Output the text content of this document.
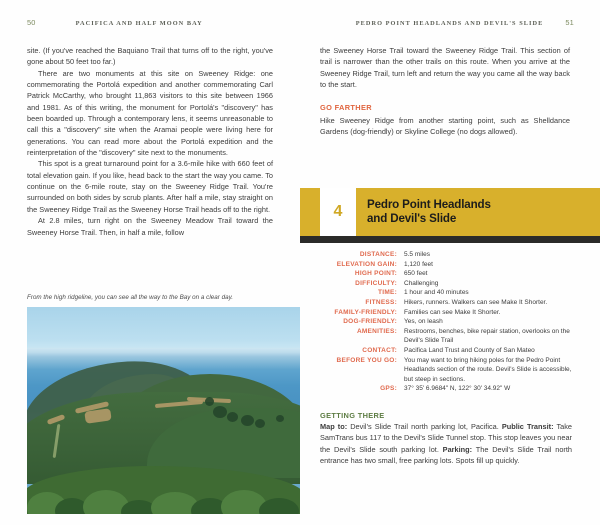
50	PACIFICA AND HALF MOON BAY

site. (If you've reached the Baquiano Trail that turns off to the right, you've gone about 50 feet too far.)

There are two monuments at this site on Sweeney Ridge: one commemorating the Portolá expedition and another commemorating Carl Patrick McCarthy, who brought 11,863 visitors to this site between 1966 and 1981. As of this writing, the monument for Portolá's "discovery" has been boarded up. Through a contemporary lens, it seems unreasonable to call this a "discovery" site when the Aramai people were living here for generations. You can read more about the Portolá expedition and the reinterpretation of the "discovery" site next to the monuments.

This spot is a great turnaround point for a 3.6-mile hike with 660 feet of total elevation gain. If you like, head back to the start the way you came. To continue on the 6-mile route, stay on the Sweeney Ridge Trail. You're surrounded on both sides by scrub plants. After half a mile, stay straight on the Sweeney Ridge Trail as the Sweeney Horse Trail heads off to the right.

At 2.8 miles, turn right on the Sweeney Meadow Trail toward the Sweeney Horse Trail. Then, in half a mile, follow

From the high ridgeline, you can see all the way to the Bay on a clear day.
PEDRO POINT HEADLANDS AND DEVIL'S SLIDE	51

the Sweeney Horse Trail toward the Sweeney Ridge Trail. This section of trail is narrower than the other trails on this route. When you arrive at the Sweeney Ridge Trail, turn left and return the way you came all the way back to the start.

GO FARTHER

Hike Sweeney Ridge from another starting point, such as Shelldance Gardens (dog-friendly) or Skyline College (no dogs allowed).

4 Pedro Point Headlands
and Devil's Slide
DISTANCE:	5.5 miles
ELEVATION GAIN:	1,120 feet
HIGH POINT:	650 feet
DIFFICULTY:	Challenging
TIME:	1 hour and 40 minutes
FITNESS:	Hikers, runners. Walkers can see Make It Shorter.
FAMILY-FRIENDLY:	Families can see Make It Shorter.
DOG-FRIENDLY:	Yes, on leash
AMENITIES:	Restrooms, benches, bike repair station, overlooks on the Devil's Slide Trail
CONTACT:	Pacifica Land Trust and County of San Mateo
BEFORE YOU GO:	You may want to bring hiking poles for the Pedro Point Headlands section of the route. Devil's Slide is accessible, but steep in sections.
GPS:	37° 35' 6.9684" N, 122° 30' 34.92" W
GETTING THERE

Map to: Devil's Slide Trail north parking lot, Pacifica. Public Transit: Take SamTrans bus 117 to the Devil's Slide Tunnel stop. This stop leaves you near the Devil's Slide south parking lot. Parking: The Devil's Slide Trail north entrance has two small, free parking lots. Spots fill up quickly.
